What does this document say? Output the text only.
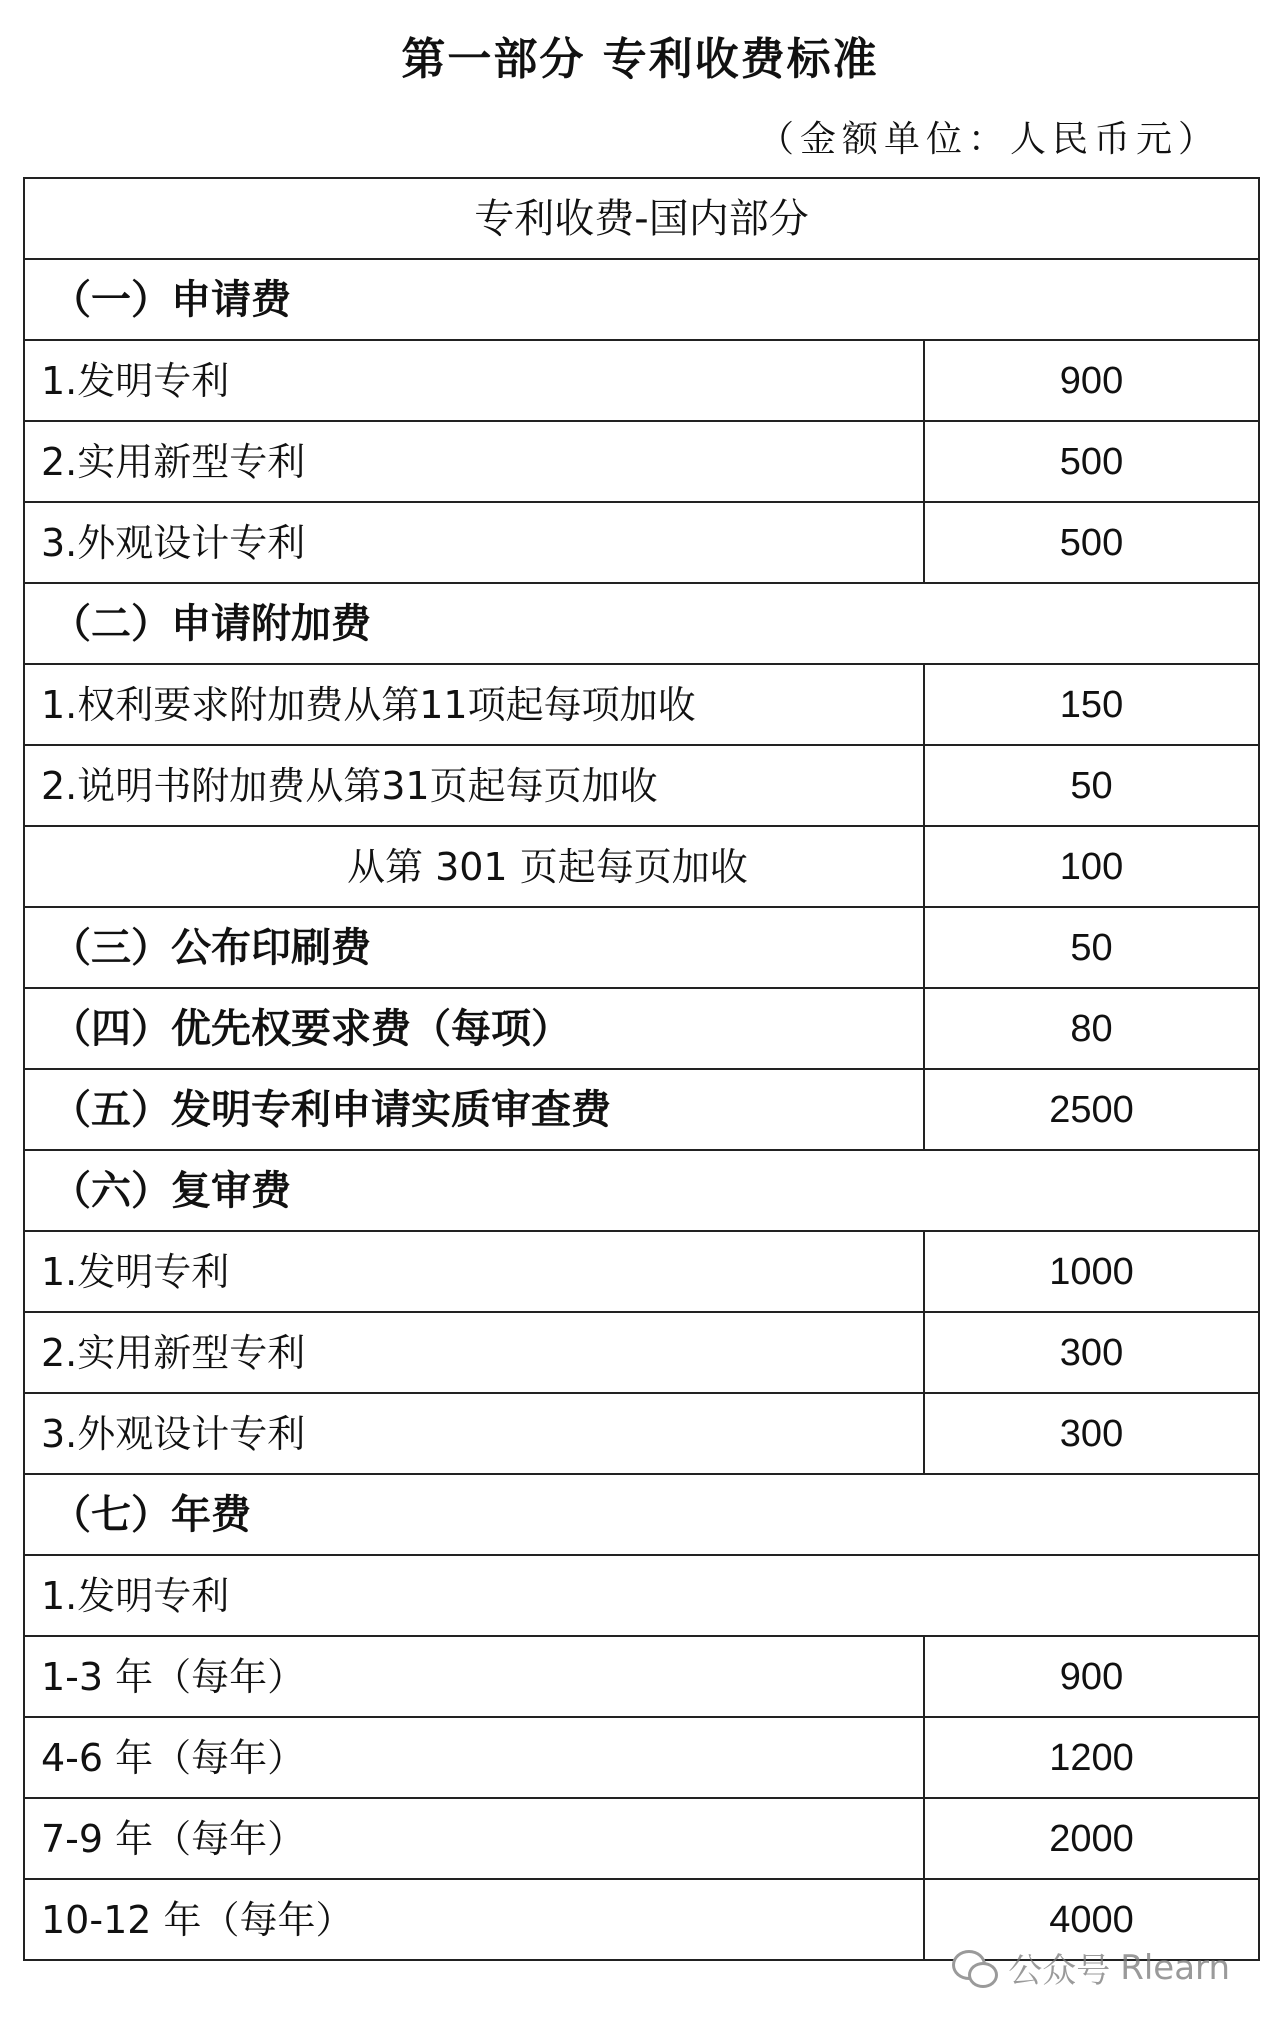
第一部分 专利收费标准
（金额单位：人民币元）
专利收费-国内部分	
（一）申请费	
1.发明专利	900
2.实用新型专利	500
3.外观设计专利	500
（二）申请附加费	
1.权利要求附加费从第11项起每项加收	150
2.说明书附加费从第31页起每页加收	50
从第 301 页起每页加收	100
（三）公布印刷费	50
（四）优先权要求费（每项）	80
（五）发明专利申请实质审查费	2500
（六）复审费	
1.发明专利	1000
2.实用新型专利	300
3.外观设计专利	300
（七）年费	
1.发明专利	
1-3 年（每年）	900
4-6 年（每年）	1200
7-9 年（每年）	2000
10-12 年（每年）	4000
公众号 Rlearn
